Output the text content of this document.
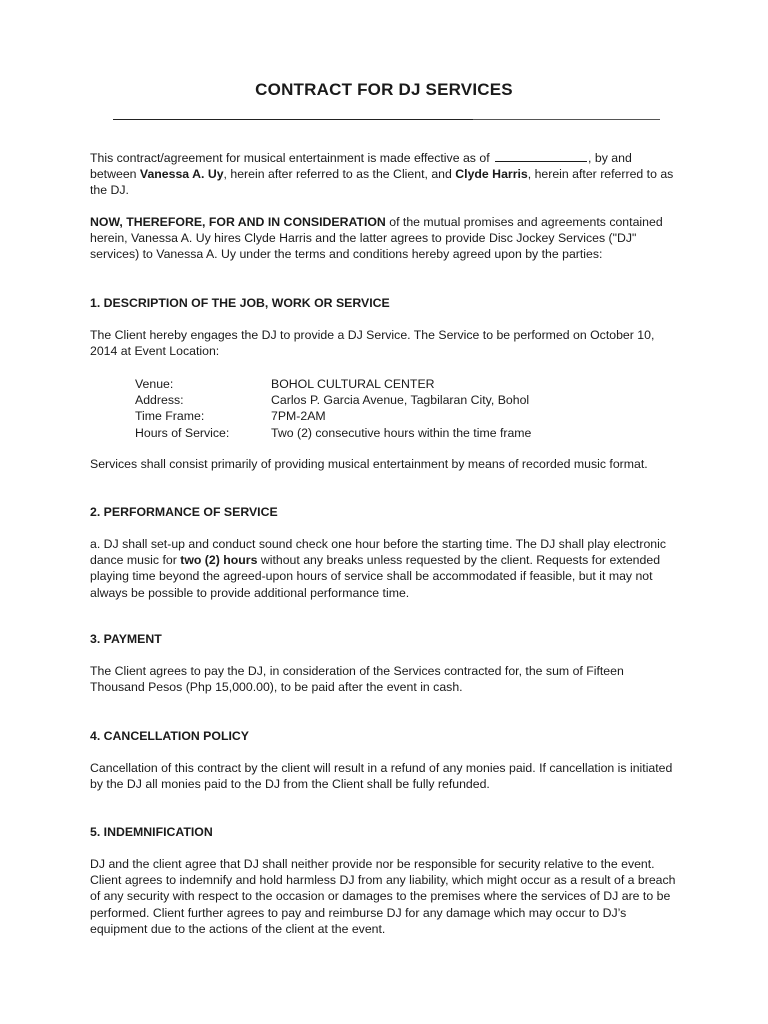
CONTRACT FOR DJ SERVICES

This contract/agreement for musical entertainment is made effective as of	, by and between Vanessa A. Uy, herein after referred to as the Client, and Clyde Harris, herein after referred to as the DJ.

NOW, THEREFORE, FOR AND IN CONSIDERATION of the mutual promises and agreements contained herein, Vanessa A. Uy hires Clyde Harris and the latter agrees to provide Disc Jockey Services ("DJ" services) to Vanessa A. Uy under the terms and conditions hereby agreed upon by the parties:

1. DESCRIPTION OF THE JOB, WORK OR SERVICE

The Client hereby engages the DJ to provide a DJ Service. The Service to be performed on October 10, 2014 at Event Location:

Venue:	BOHOL CULTURAL CENTER
Address:	Carlos P. Garcia Avenue, Tagbilaran City, Bohol
Time Frame:	7PM-2AM
Hours of Service:	Two (2) consecutive hours within the time frame

Services shall consist primarily of providing musical entertainment by means of recorded music format.

2. PERFORMANCE OF SERVICE

a. DJ shall set-up and conduct sound check one hour before the starting time. The DJ shall play electronic dance music for two (2) hours without any breaks unless requested by the client. Requests for extended playing time beyond the agreed-upon hours of service shall be accommodated if feasible, but it may not always be possible to provide additional performance time.

3. PAYMENT

The Client agrees to pay the DJ, in consideration of the Services contracted for, the sum of Fifteen Thousand Pesos (Php 15,000.00), to be paid after the event in cash.

4. CANCELLATION POLICY

Cancellation of this contract by the client will result in a refund of any monies paid. If cancellation is initiated by the DJ all monies paid to the DJ from the Client shall be fully refunded.

5. INDEMNIFICATION

DJ and the client agree that DJ shall neither provide nor be responsible for security relative to the event. Client agrees to indemnify and hold harmless DJ from any liability, which might occur as a result of a breach of any security with respect to the occasion or damages to the premises where the services of DJ are to be performed. Client further agrees to pay and reimburse DJ for any damage which may occur to DJ’s equipment due to the actions of the client at the event.
